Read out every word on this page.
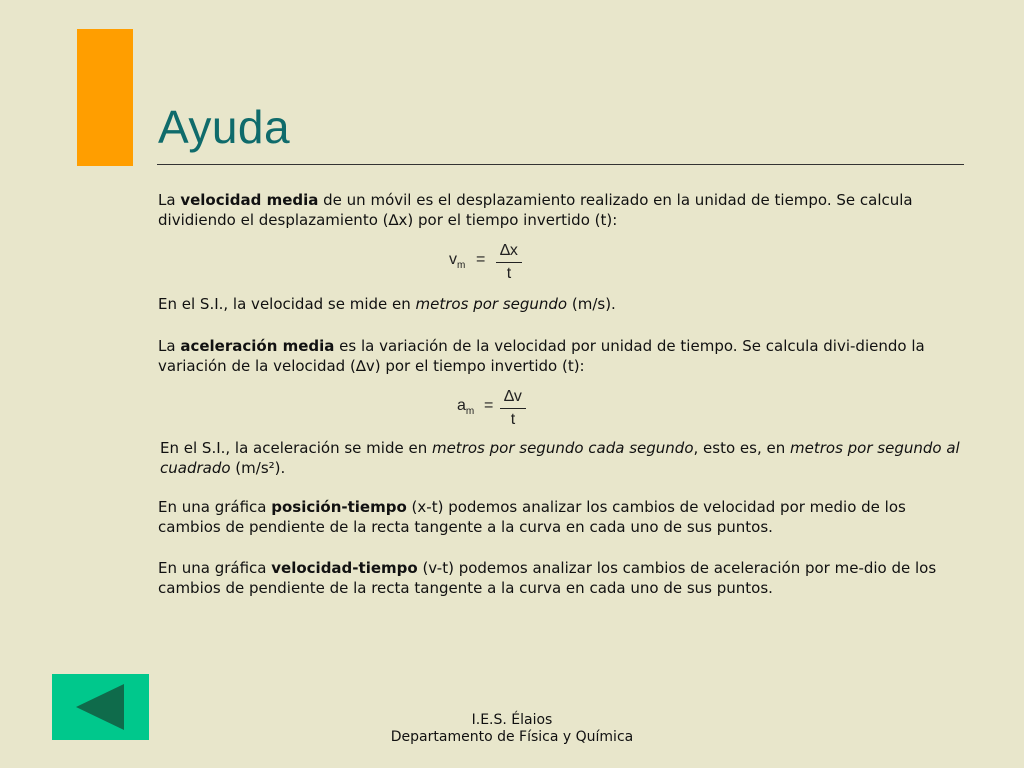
Ayuda

La velocidad media de un móvil es el desplazamiento realizado en la unidad de tiempo. Se calcula dividiendo el desplazamiento (∆x) por el tiempo invertido (t):

$v_m$ =
∆x
t

En el S.I., la velocidad se mide en metros por segundo (m/s).

La aceleración media es la variación de la velocidad por unidad de tiempo. Se calcula divi-diendo la variación de la velocidad (∆v) por el tiempo invertido (t):

$a_m$ =
∆v
t

En el S.I., la aceleración se mide en metros por segundo cada segundo, esto es, en metros por segundo al cuadrado (m/s²).

En una gráfica posición-tiempo (x-t) podemos analizar los cambios de velocidad por medio de los cambios de pendiente de la recta tangente a la curva en cada uno de sus puntos.

En una gráfica velocidad-tiempo (v-t) podemos analizar los cambios de aceleración por me-dio de los cambios de pendiente de la recta tangente a la curva en cada uno de sus puntos.

I.E.S. Élaios
Departamento de Física y Química
